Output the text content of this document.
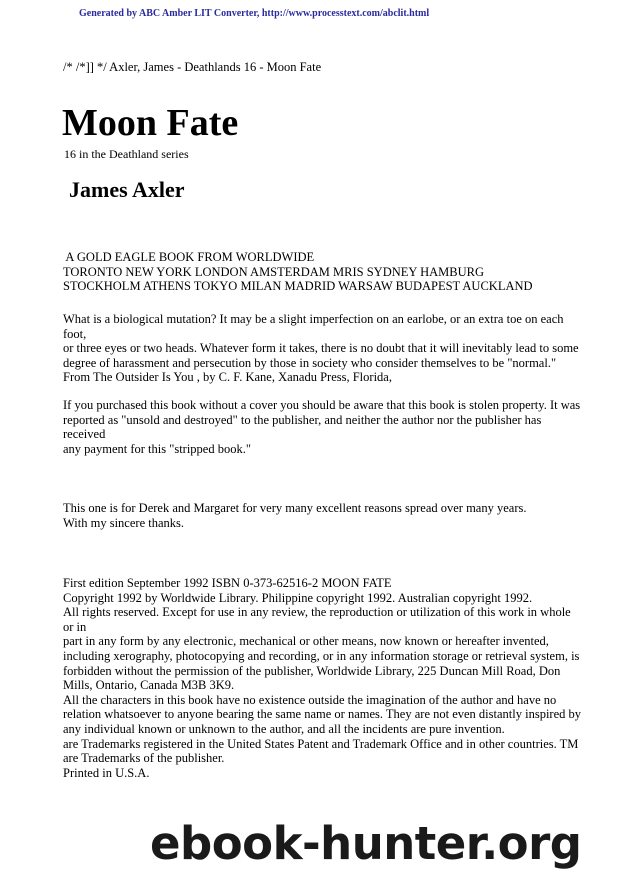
Generated by ABC Amber LIT Converter, http://www.processtext.com/abclit.html
/* /*]] */ Axler, James - Deathlands 16 - Moon Fate
Moon Fate
16 in the Deathland series
James Axler

A GOLD EAGLE BOOK FROM WORLDWIDE

TORONTO NEW YORK LONDON AMSTERDAM MRIS SYDNEY HAMBURG

STOCKHOLM ATHENS TOKYO MILAN MADRID WARSAW BUDAPEST AUCKLAND

What is a biological mutation? It may be a slight imperfection on an earlobe, or an extra toe on each foot,

or three eyes or two heads. Whatever form it takes, there is no doubt that it will inevitably lead to some

degree of harassment and persecution by those in society who consider themselves to be "normal."

From The Outsider Is You , by C. F. Kane, Xanadu Press, Florida,

If you purchased this book without a cover you should be aware that this book is stolen property. It was

reported as "unsold and destroyed" to the publisher, and neither the author nor the publisher has received

any payment for this "stripped book."

This one is for Derek and Margaret for very many excellent reasons spread over many years.

With my sincere thanks.

First edition September 1992 ISBN 0-373-62516-2 MOON FATE

Copyright 1992 by Worldwide Library. Philippine copyright 1992. Australian copyright 1992.

All rights reserved. Except for use in any review, the reproduction or utilization of this work in whole or in

part in any form by any electronic, mechanical or other means, now known or hereafter invented,

including xerography, photocopying and recording, or in any information storage or retrieval system, is

forbidden without the permission of the publisher, Worldwide Library, 225 Duncan Mill Road, Don

Mills, Ontario, Canada M3B 3K9.

All the characters in this book have no existence outside the imagination of the author and have no

relation whatsoever to anyone bearing the same name or names. They are not even distantly inspired by

any individual known or unknown to the author, and all the incidents are pure invention.

are Trademarks registered in the United States Patent and Trademark Office and in other countries. TM

are Trademarks of the publisher.

Printed in U.S.A.

ebook-hunter.org
